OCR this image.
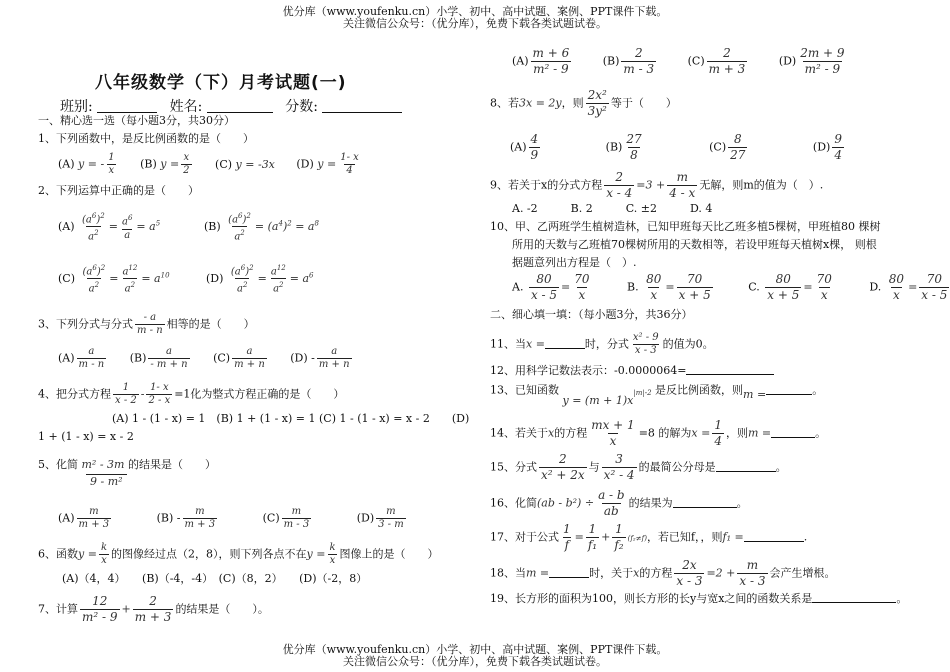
优分库（www.youfenku.cn）小学、初中、高中试题、案例、PPT课件下载。
关注微信公众号：（优分库），免费下载各类试题试卷。
八年级数学（下）月考试题(一)
班别:	姓名:	分数:
一、精心选一选（每小题3分，共30分）
1、下列函数中，是反比例函数的是（　　）
(A) y = - $\frac{1}{x} (B) y = \frac{x}{2} (C) y = -3x$ (D) $y = \frac{1- x}{4}$
2、下列运算中正确的是（　　）
$(A) \frac{(a^6)^2}{a^2} = \frac{a^6}{a} = a^5$	$(B) \frac{(a^6)^2}{a^2} = (a^4)^2 = a^8$
$(C) \frac{(a^6)^2}{a^2} = \frac{a^{12}}{a^2} = a^{10}$	$(D) \frac{(a^6)^2}{a^2} = \frac{a^{12}}{a^2} = a^6$
3、下列分式与分式 $\frac{- a}{m - n}$ 相等的是（　　）
$(A) \frac{a}{m - n} (B) \frac{a}{- m + n} (C) \frac{a}{m + n} (D) - \frac{a}{m + n}$
4、把分式方程 $\frac{1}{x - 2} - \frac{1- x}{2 - x} =1$化为整式方程正确的是（　　）
(A) 1 - (1 - x) = 1　(B) 1 + (1 - x) = 1 (C) 1 - (1 - x) = x - 2　　(D)
1 + (1 - x) = x - 2
5、化简 m² - 3m 的结果是（　　）
9 - m²
$(A) \frac{m}{m + 3}$	$(B) - \frac{m}{m + 3}$	$(C) \frac{m}{m - 3}$	$(D) \frac{m}{3 - m}$
6、函数$y = \frac{k}{x}$ 的图像经过点（2，8），则下列各点不在$y = \frac{k}{x}$ 图像上的是（　　）
(A)（4，4）　　(B)（-4，-4）　(C)（8，2）　　(D)（-2，8）
7、计算 $\frac{12}{\text{m² - 9}} + \frac{2}{m + 3}$ 的结果是（　　）。
$(A) \frac{m + 6}{\text{m² - 9}}$	$(B) \frac{2}{m - 3}$	$(C) \frac{2}{m + 3}$	$(D) \frac{2m + 9}{\text{m² - 9}}$
8、若3x = 2y，则 $\frac{\text{2x²}}{\text{3y²}}$ 等于（　　）
$(A) \frac{4}{9}$	$(B) \frac{27}{8}$	$(C) \frac{8}{27}$	$(D) \frac{9}{4}$
9、若关于x的分式方程 $\frac{2}{x - 4} =3 + \frac{m}{4 - x}$ 无解，则m的值为（　）.
A. -2　　　B. 2　　　C. ±2　　　D. 4
10、甲、乙两班学生植树造林，已知甲班每天比乙班多植5棵树，甲班植80 棵树
所用的天数与乙班植70棵树所用的天数相等，若设甲班每天植树x棵， 则根
据题意列出方程是（　）.
A. $\frac{80}{x - 5} = \frac{70}{x}$	B. $\frac{80}{x} = \frac{70}{x + 5}$	C. $\frac{80}{x + 5} = \frac{70}{x}$	D. $\frac{80}{x} = \frac{70}{x - 5}$
二、细心填一填：（每小题3分，共36分）
11、当x =	时，分式 $\frac{\text{x² - 9}}{x - 3}$ 的值为0。
12、用科学记数法表示：-0.0000064=
13、已知函数 $y = (m + 1)x^{|m|-2}$ 是反比例函数，则m =	。
14、若关于x的方程 $\frac{mx + 1}{x} =8$ 的解为$x = \frac{1}{4}$ ，则m =	。
15、分式 $\frac{2}{\text{x² + 2x}}$ 与 $\frac{3}{\text{x² - 4}}$ 的最简公分母是	。
16、化简$(ab - b^2) \div \frac{a - b}{ab}$ 的结果为	。
17、对于公式 $\frac{1}{f} = \frac{1}{\text{f₁}} + \frac{1}{\text{f₂}} (f_2\ne f)$，若已知f，，则f₁ =	.
18、当m =	时，关于x的方程 $\frac{2x}{x - 3} =2 + \frac{m}{x - 3}$ 会产生增根。
19、长方形的面积为100，则长方形的长y与宽x之间的函数关系是	。
优分库（www.youfenku.cn）小学、初中、高中试题、案例、PPT课件下载。
关注微信公众号：（优分库），免费下载各类试题试卷。
